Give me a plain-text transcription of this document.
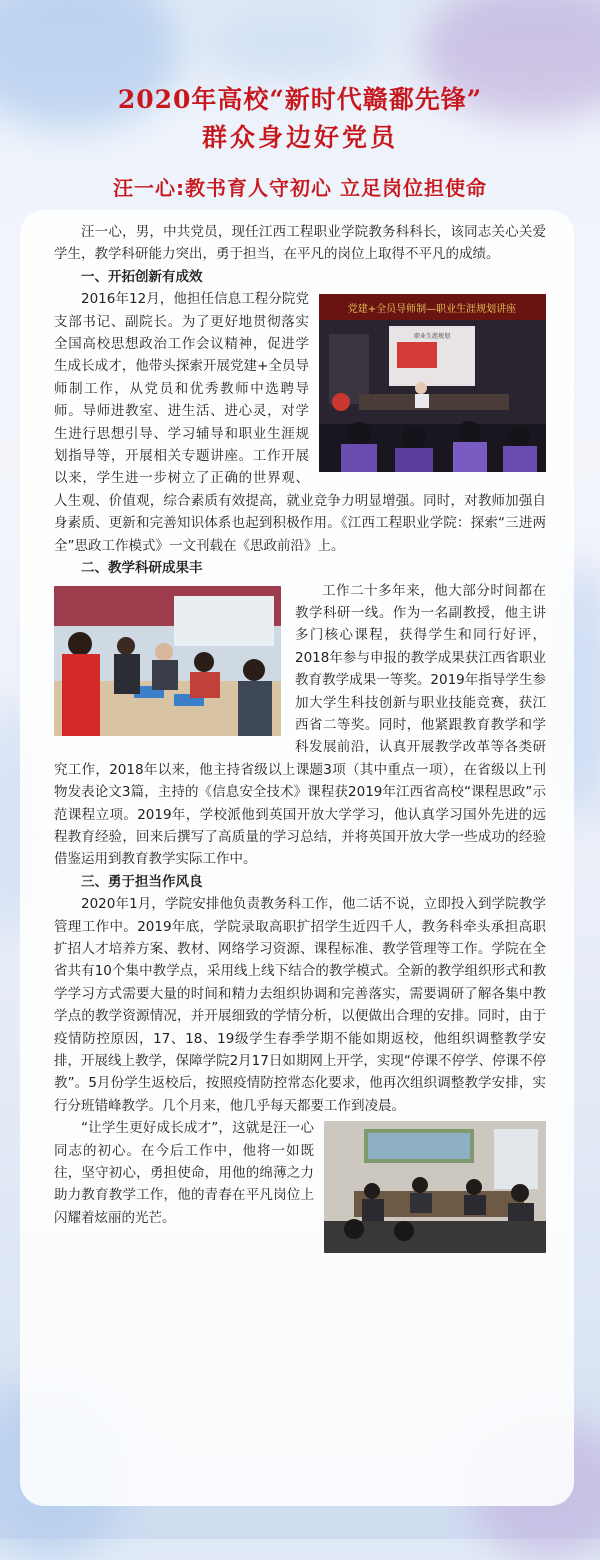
2020年高校“新时代赣鄱先锋”
群众身边好党员
汪一心:教书育人守初心 立足岗位担使命

汪一心，男，中共党员，现任江西工程职业学院教务科科长，该同志关心关爱学生，教学科研能力突出，勇于担当，在平凡的岗位上取得不平凡的成绩。

一、开拓创新有成效
党建+全员导师制—职业生涯规划讲座
职业生涯规划

2016年12月，他担任信息工程分院党支部书记、副院长。为了更好地贯彻落实全国高校思想政治工作会议精神，促进学生成长成才，他带头探索开展党建+全员导师制工作，从党员和优秀教师中选聘导师。导师进教室、进生活、进心灵，对学生进行思想引导、学习辅导和职业生涯规划指导等，开展相关专题讲座。工作开展以来，学生进一步树立了正确的世界观、人生观、价值观，综合素质有效提高，就业竞争力明显增强。同时，对教师加强自身素质、更新和完善知识体系也起到积极作用。《江西工程职业学院：探索“三进两全”思政工作模式》一文刊载在《思政前沿》上。

二、教学科研成果丰

工作二十多年来，他大部分时间都在教学科研一线。作为一名副教授，他主讲多门核心课程，获得学生和同行好评，2018年参与申报的教学成果获江西省职业教育教学成果一等奖。2019年指导学生参加大学生科技创新与职业技能竞赛，获江西省二等奖。同时，他紧跟教育教学和学科发展前沿，认真开展教学改革等各类研究工作，2018年以来，他主持省级以上课题3项（其中重点一项），在省级以上刊物发表论文3篇，主持的《信息安全技术》课程获2019年江西省高校“课程思政”示范课程立项。2019年，学校派他到英国开放大学学习，他认真学习国外先进的远程教育经验，回来后撰写了高质量的学习总结，并将英国开放大学一些成功的经验借鉴运用到教育教学实际工作中。

三、勇于担当作风良

2020年1月，学院安排他负责教务科工作，他二话不说，立即投入到学院教学管理工作中。2019年底，学院录取高职扩招学生近四千人，教务科牵头承担高职扩招人才培养方案、教材、网络学习资源、课程标准、教学管理等工作。学院在全省共有10个集中教学点，采用线上线下结合的教学模式。全新的教学组织形式和教学学习方式需要大量的时间和精力去组织协调和完善落实，需要调研了解各集中教学点的教学资源情况，并开展细致的学情分析，以便做出合理的安排。同时，由于疫情防控原因，17、18、19级学生春季学期不能如期返校，他组织调整教学安排，开展线上教学，保障学院2月17日如期网上开学，实现“停课不停学、停课不停教”。5月份学生返校后，按照疫情防控常态化要求，他再次组织调整教学安排，实行分班错峰教学。几个月来，他几乎每天都要工作到凌晨。

“让学生更好成长成才”，这就是汪一心同志的初心。在今后工作中，他将一如既往，坚守初心，勇担使命，用他的绵薄之力助力教育教学工作，他的青春在平凡岗位上闪耀着炫丽的光芒。
